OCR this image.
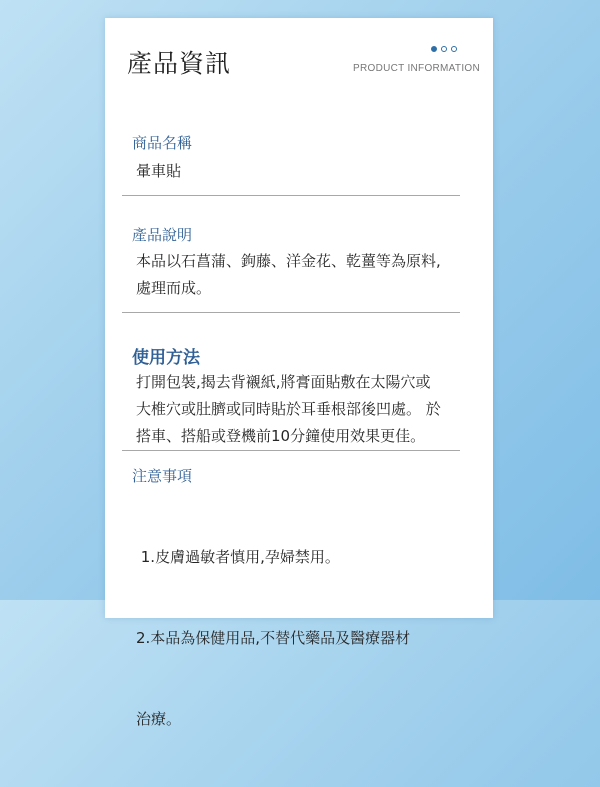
產品資訊	PRODUCT INFORMATION
商品名稱
暈車貼
產品說明
本品以石菖蒲、鉤藤、洋金花、乾薑等為原料,
處理而成。
使用方法
打開包裝,揭去背襯紙,將膏面貼敷在太陽穴或
大椎穴或肚臍或同時貼於耳垂根部後凹處。 於
搭車、搭船或登機前10分鐘使用效果更佳。
注意事項

1.皮膚過敏者慎用,孕婦禁用。

2.本品為保健用品,不替代藥品及醫療器材

治療。
